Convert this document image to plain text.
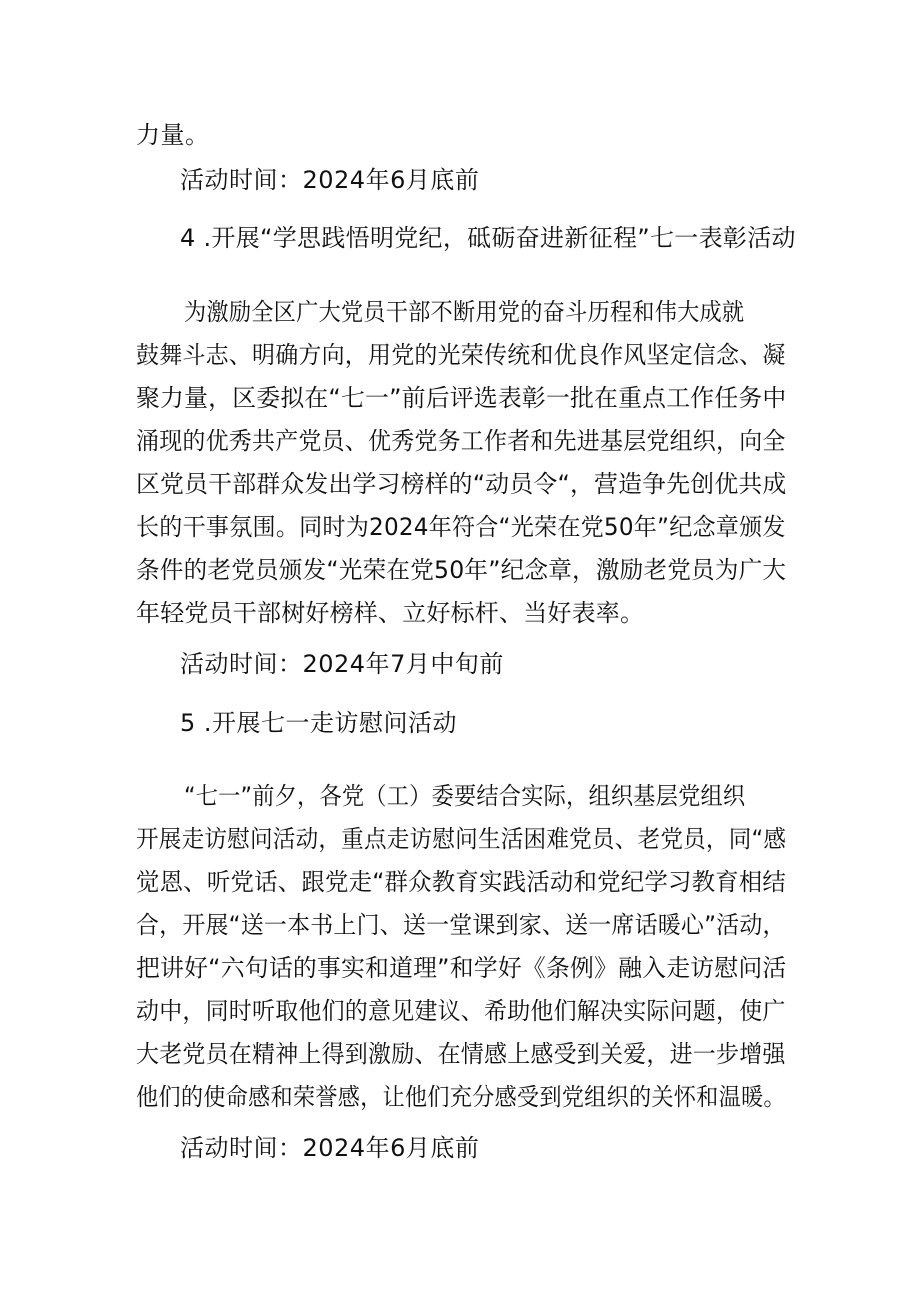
力量。
活动时间：2024年6月底前
4 .开展“学思践悟明党纪，砥砺奋进新征程”七一表彰活动
为激励全区广大党员干部不断用党的奋斗历程和伟大成就
鼓舞斗志、明确方向，用党的光荣传统和优良作风坚定信念、凝
聚力量，区委拟在“七一”前后评选表彰一批在重点工作任务中
涌现的优秀共产党员、优秀党务工作者和先进基层党组织，向全
区党员干部群众发出学习榜样的“动员令“，营造争先创优共成
长的干事氛围。同时为2024年符合“光荣在党50年”纪念章颁发
条件的老党员颁发“光荣在党50年”纪念章，激励老党员为广大
年轻党员干部树好榜样、立好标杆、当好表率。
活动时间：2024年7月中旬前
5 .开展七一走访慰问活动
“七一”前夕，各党（工）委要结合实际，组织基层党组织
开展走访慰问活动，重点走访慰问生活困难党员、老党员，同“感
觉恩、听党话、跟党走“群众教育实践活动和党纪学习教育相结
合，开展“送一本书上门、送一堂课到家、送一席话暖心”活动，
把讲好“六句话的事实和道理”和学好《条例》融入走访慰问活
动中，同时听取他们的意见建议、希助他们解决实际问题，使广
大老党员在精神上得到激励、在情感上感受到关爱，进一步增强
他们的使命感和荣誉感，让他们充分感受到党组织的关怀和温暖。
活动时间：2024年6月底前
